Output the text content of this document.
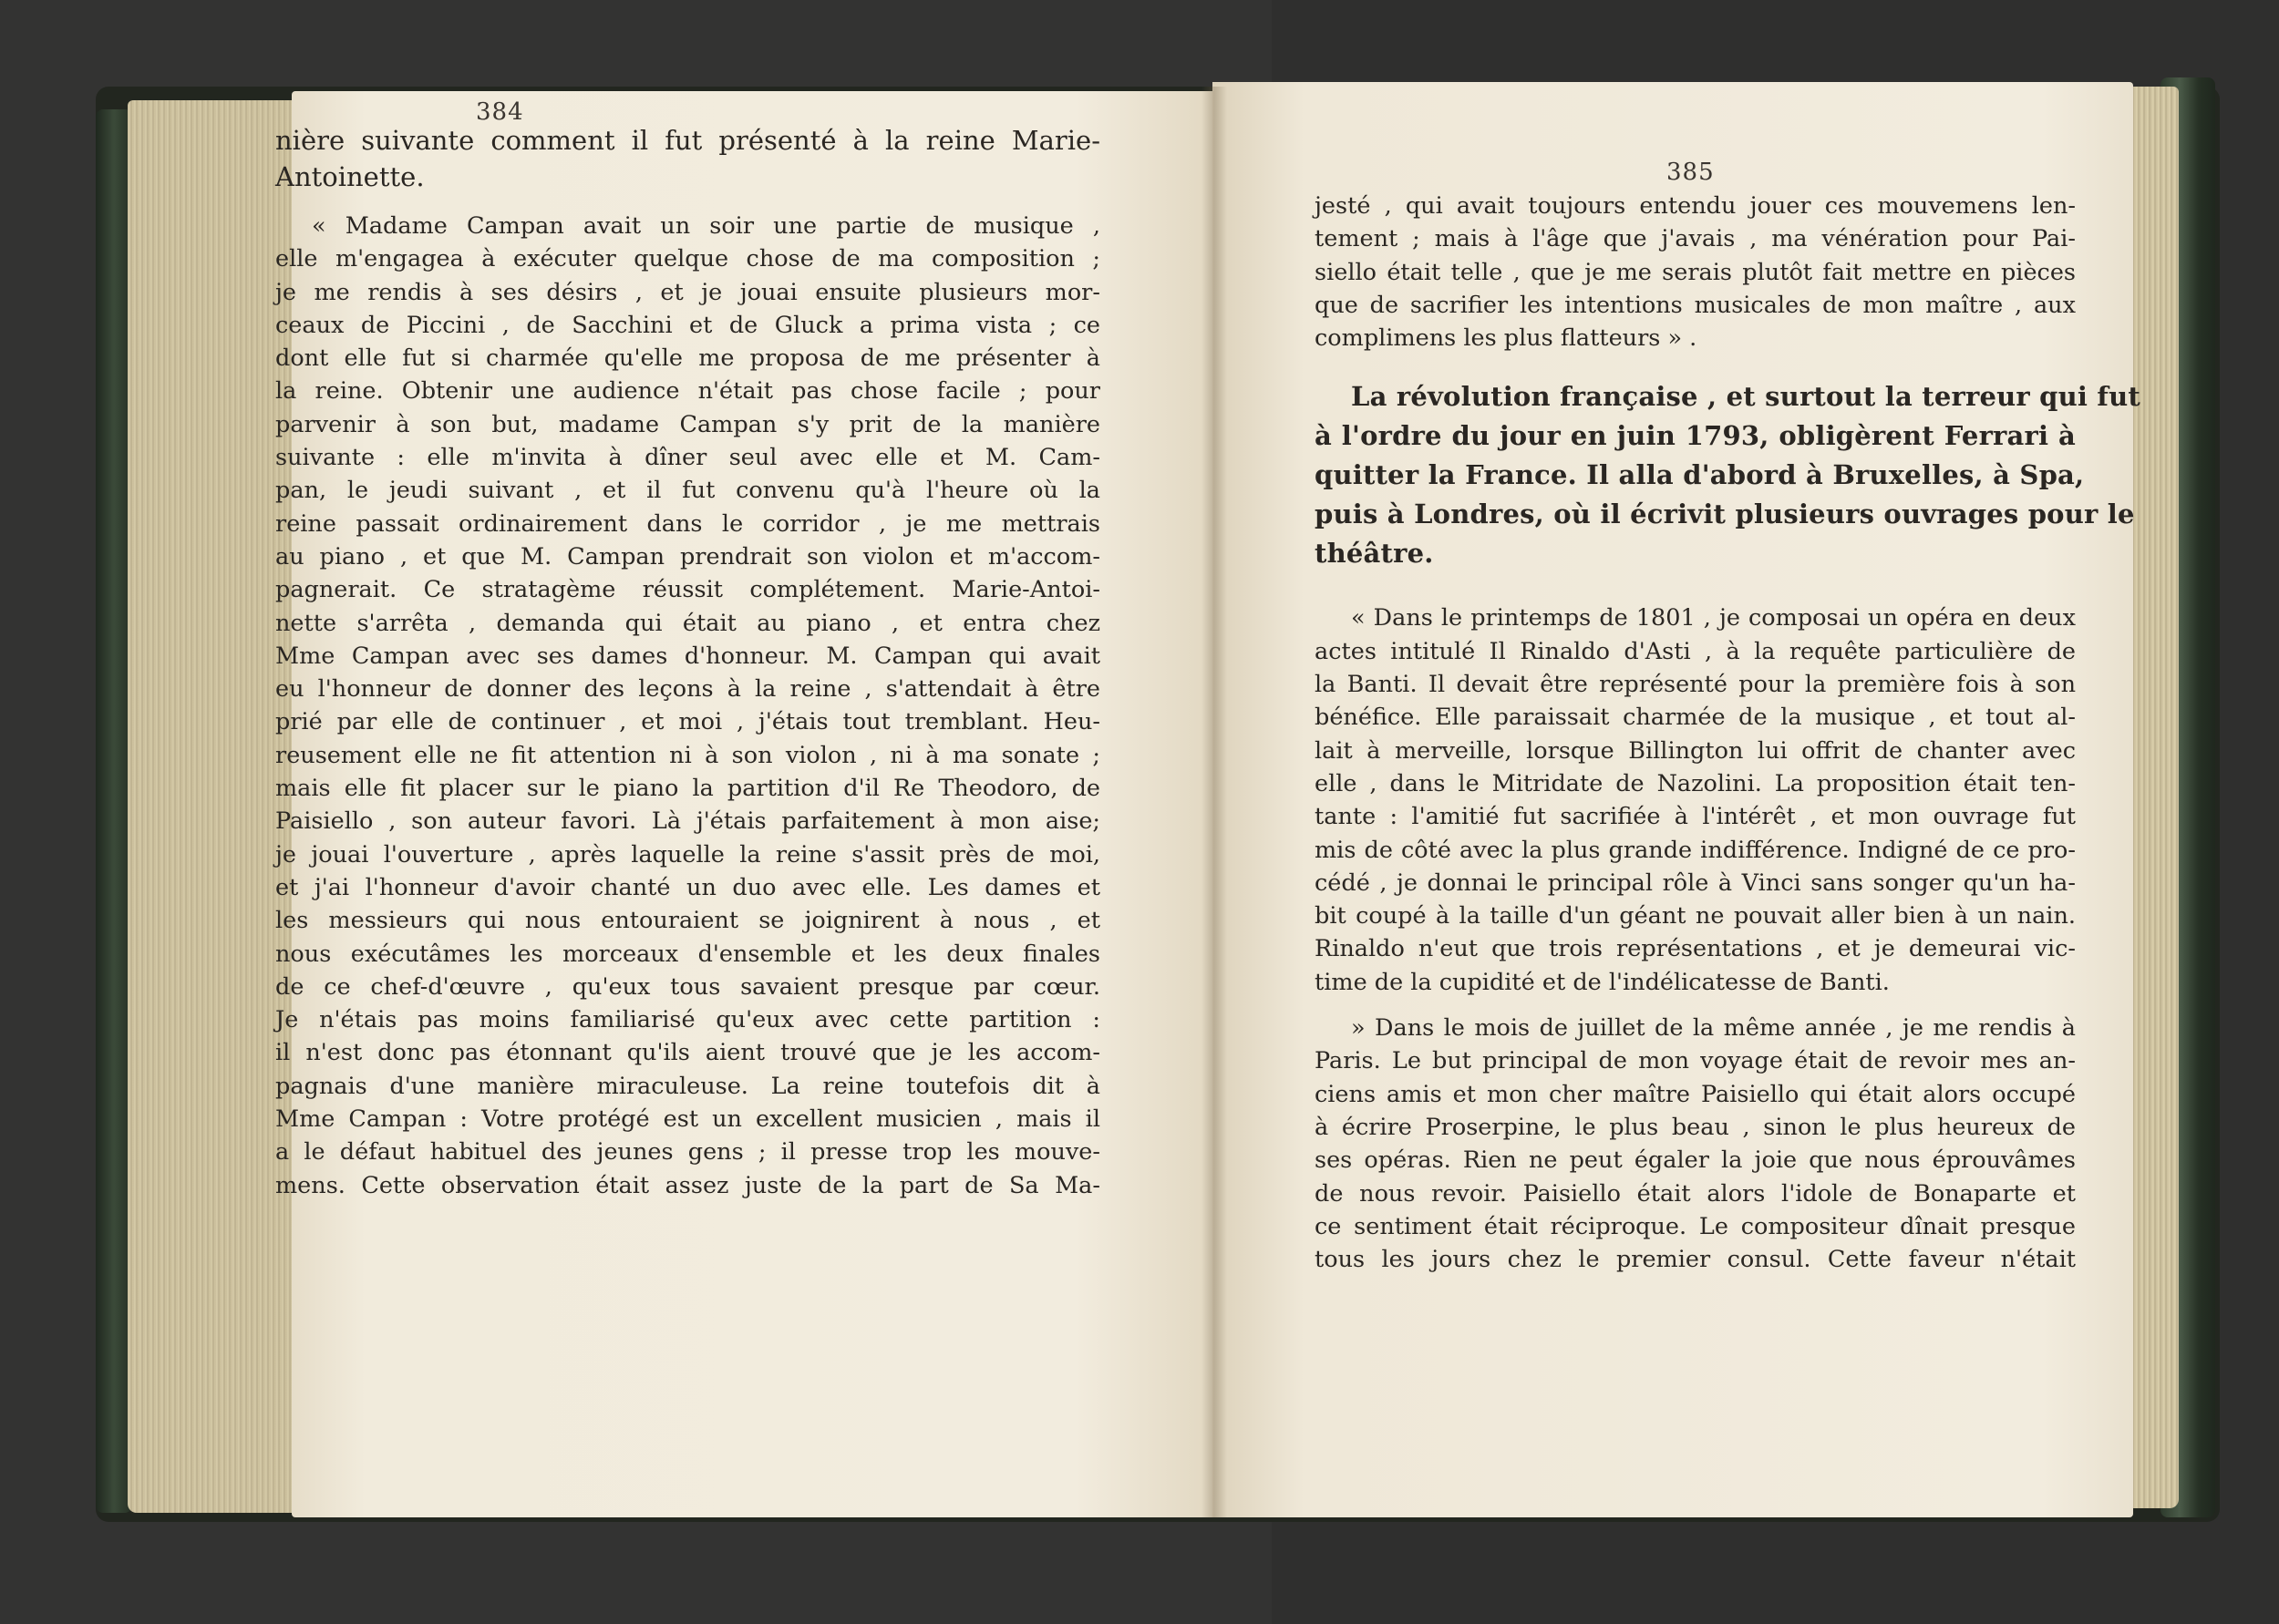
384
nière suivante comment il fut présenté à la reine Marie-
Antoinette.
« Madame Campan avait un soir une partie de musique ,
elle m'engagea à exécuter quelque chose de ma composition ;
je me rendis à ses désirs , et je jouai ensuite plusieurs mor-
ceaux de Piccini , de Sacchini et de Gluck a prima vista ; ce
dont elle fut si charmée qu'elle me proposa de me présenter à
la reine. Obtenir une audience n'était pas chose facile ; pour
parvenir à son but, madame Campan s'y prit de la manière
suivante : elle m'invita à dîner seul avec elle et M. Cam-
pan, le jeudi suivant , et il fut convenu qu'à l'heure où la
reine passait ordinairement dans le corridor , je me mettrais
au piano , et que M. Campan prendrait son violon et m'accom-
pagnerait. Ce stratagème réussit complétement. Marie-Antoi-
nette s'arrêta , demanda qui était au piano , et entra chez
Mme Campan avec ses dames d'honneur. M. Campan qui avait
eu l'honneur de donner des leçons à la reine , s'attendait à être
prié par elle de continuer , et moi , j'étais tout tremblant. Heu-
reusement elle ne fit attention ni à son violon , ni à ma sonate ;
mais elle fit placer sur le piano la partition d'il Re Theodoro, de
Paisiello , son auteur favori. Là j'étais parfaitement à mon aise;
je jouai l'ouverture , après laquelle la reine s'assit près de moi,
et j'ai l'honneur d'avoir chanté un duo avec elle. Les dames et
les messieurs qui nous entouraient se joignirent à nous , et
nous exécutâmes les morceaux d'ensemble et les deux finales
de ce chef-d'œuvre , qu'eux tous savaient presque par cœur.
Je n'étais pas moins familiarisé qu'eux avec cette partition :
il n'est donc pas étonnant qu'ils aient trouvé que je les accom-
pagnais d'une manière miraculeuse. La reine toutefois dit à
Mme Campan : Votre protégé est un excellent musicien , mais il
a le défaut habituel des jeunes gens ; il presse trop les mouve-
mens. Cette observation était assez juste de la part de Sa Ma-
385
jesté , qui avait toujours entendu jouer ces mouvemens len-
tement ; mais à l'âge que j'avais , ma vénération pour Pai-
siello était telle , que je me serais plutôt fait mettre en pièces
que de sacrifier les intentions musicales de mon maître , aux
complimens les plus flatteurs » .
La révolution française , et surtout la terreur qui fut
à l'ordre du jour en juin 1793, obligèrent Ferrari à
quitter la France. Il alla d'abord à Bruxelles, à Spa,
puis à Londres, où il écrivit plusieurs ouvrages pour le
théâtre.
« Dans le printemps de 1801 , je composai un opéra en deux
actes intitulé Il Rinaldo d'Asti , à la requête particulière de
la Banti. Il devait être représenté pour la première fois à son
bénéfice. Elle paraissait charmée de la musique , et tout al-
lait à merveille, lorsque Billington lui offrit de chanter avec
elle , dans le Mitridate de Nazolini. La proposition était ten-
tante : l'amitié fut sacrifiée à l'intérêt , et mon ouvrage fut
mis de côté avec la plus grande indifférence. Indigné de ce pro-
cédé , je donnai le principal rôle à Vinci sans songer qu'un ha-
bit coupé à la taille d'un géant ne pouvait aller bien à un nain.
Rinaldo n'eut que trois représentations , et je demeurai vic-
time de la cupidité et de l'indélicatesse de Banti.
» Dans le mois de juillet de la même année , je me rendis à
Paris. Le but principal de mon voyage était de revoir mes an-
ciens amis et mon cher maître Paisiello qui était alors occupé
à écrire Proserpine, le plus beau , sinon le plus heureux de
ses opéras. Rien ne peut égaler la joie que nous éprouvâmes
de nous revoir. Paisiello était alors l'idole de Bonaparte et
ce sentiment était réciproque. Le compositeur dînait presque
tous les jours chez le premier consul. Cette faveur n'était
